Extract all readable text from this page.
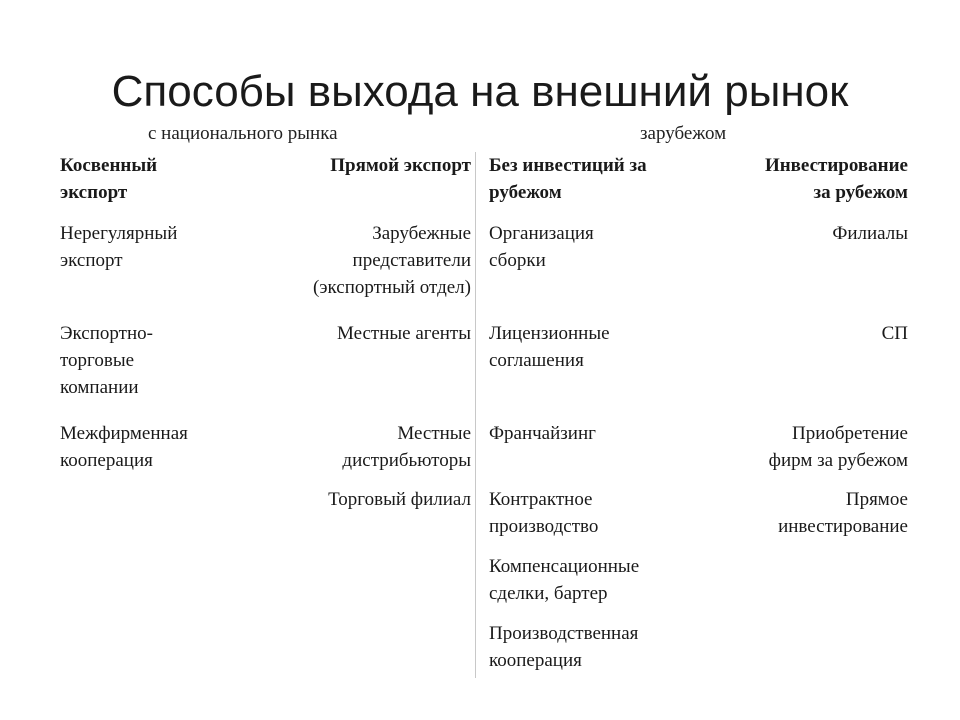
Способы выхода на внешний рынок
с национального рынка	зарубежом
Косвенный
экспорт
Прямой экспорт Без инвестиций за
рубежом
Инвестирование
за рубежом
Нерегулярный
экспорт
Зарубежные
представители
(экспортный отдел)
Организация
сборки
Филиалы
Экспортно-
торговые
компании
Местные агенты Лицензионные
соглашения
СП
Межфирменная
кооперация
Местные
дистрибьюторы
Франчайзинг	Приобретение
фирм за рубежом
Торговый филиал Контрактное
производство
Прямое
инвестирование
Компенсационные
сделки, бартер
Производственная
кооперация
